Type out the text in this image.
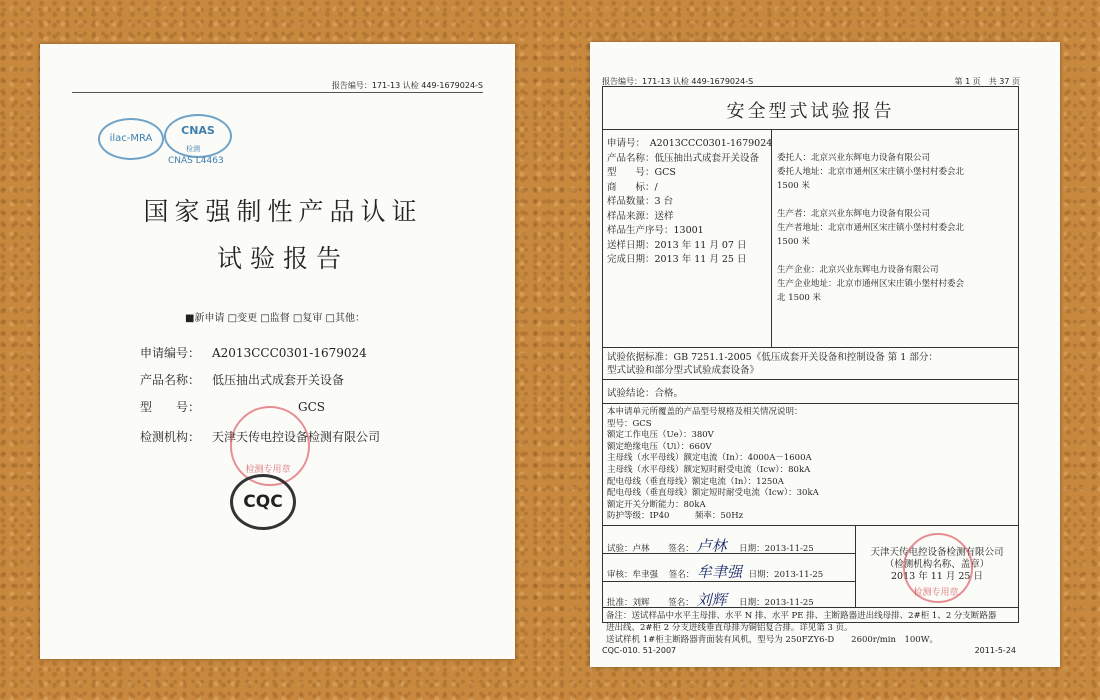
报告编号：171-13 认检 449-1679024-S
ilac-MRA
CNAS
检测
CNAS L4463
国家强制性产品认证
试验报告
■新申请 □变更 □监督 □复审 □其他：
申请编号： A2013CCC0301-1679024
产品名称： 低压抽出式成套开关设备
型　　号：	GCS
检测机构： 天津天传电控设备检测有限公司
检测专用章
CQC
报告编号：171-13 认检 449-1679024-S	第 1 页　共 37 页
安全型式试验报告
申请号：　A2013CCC0301-1679024
产品名称：低压抽出式成套开关设备
型　　号：GCS
商　　标：/
样品数量：3 台
样品来源：送样
样品生产序号：13001
送样日期：2013 年 11 月 07 日
完成日期：2013 年 11 月 25 日
委托人：北京兴业东辉电力设备有限公司
委托人地址：北京市通州区宋庄镇小堡村村委会北
1500 米
生产者：北京兴业东辉电力设备有限公司
生产者地址：北京市通州区宋庄镇小堡村村委会北
1500 米
生产企业：北京兴业东辉电力设备有限公司
生产企业地址：北京市通州区宋庄镇小堡村村委会
北 1500 米
试验依据标准：GB 7251.1-2005《低压成套开关设备和控制设备 第 1 部分：
型式试验和部分型式试验成套设备》
试验结论：合格。
本申请单元所覆盖的产品型号规格及相关情况说明：
型号：GCS
额定工作电压（Ue）：380V
额定绝缘电压（Ui）：660V
主母线（水平母线）额定电流（In）：4000A－1600A
主母线（水平母线）额定短时耐受电流（Icw）：80kA
配电母线（垂直母线）额定电流（In）：1250A
配电母线（垂直母线）额定短时耐受电流（Icw）：30kA
额定开关分断能力：80kA
防护等级：IP40　　　频率：50Hz
试验：卢林 签名： 卢林 日期：2013-11-25
审核：牟聿强 签名： 牟聿强 日期：2013-11-25
批准：刘辉 签名： 刘辉 日期：2013-11-25
天津天传电控设备检测有限公司
（检测机构名称、盖章）
2013 年 11 月 25 日
检测专用章
备注：送试样品中水平主母排、水平 N 排、水平 PE 排、主断路器进出线母排、2#柜 1、2 分支断路器
进出线、2#柜 2 分支进线垂直母排为铜铝复合排。详见第 3 页。
送试样机 1#柜主断路器背面装有风机，型号为 250FZY6-D　　2600r/min　100W。
CQC-010. 51-2007	2011-5-24
